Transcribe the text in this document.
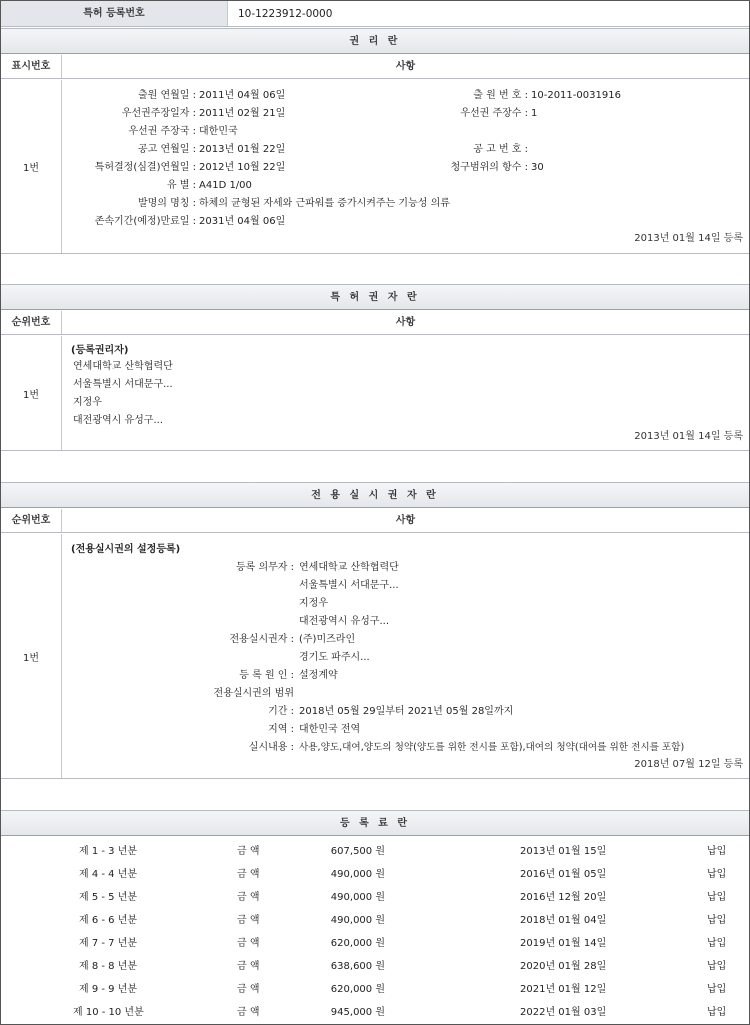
특허 등록번호	10-1223912-0000
권 리 란
표시번호	사항
1번
출원 연월일 : 2011년 04월 06일	출 원 번 호 : 10-2011-0031916
우선권주장일자 : 2011년 02월 21일	우선권 주장수 : 1
우선권 주장국 : 대한민국
공고 연월일 : 2013년 01월 22일	공 고 번 호 :
특허결정(심결)연월일 : 2012년 10월 22일	청구범위의 항수 : 30
유 별 : A41D 1/00
발명의 명칭 : 하체의 균형된 자세와 근파워를 증가시켜주는 기능성 의류
존속기간(예정)만료일 : 2031년 04월 06일
2013년 01월 14일 등록
특 허 권 자 란
순위번호	사항
1번
(등록권리자)
연세대학교 산학협력단
서울특별시 서대문구...
지정우
대전광역시 유성구...
2013년 01월 14일 등록
전 용 실 시 권 자 란
순위번호	사항
1번
(전용실시권의 설정등록)
등록 의무자 : 연세대학교 산학협력단
서울특별시 서대문구...
지정우
대전광역시 유성구...
전용실시권자 : (주)미즈라인
경기도 파주시...
등 록 원 인 : 설정계약
전용실시권의 범위
기간 : 2018년 05월 29일부터 2021년 05월 28일까지
지역 : 대한민국 전역
실시내용 : 사용,양도,대여,양도의 청약(양도를 위한 전시를 포함),대여의 청약(대여를 위한 전시를 포함)
2018년 07월 12일 등록
등 록 료 란
제 1 - 3 년분	금 액	607,500 원	2013년 01월 15일	납입
제 4 - 4 년분	금 액	490,000 원	2016년 01월 05일	납입
제 5 - 5 년분	금 액	490,000 원	2016년 12월 20일	납입
제 6 - 6 년분	금 액	490,000 원	2018년 01월 04일	납입
제 7 - 7 년분	금 액	620,000 원	2019년 01월 14일	납입
제 8 - 8 년분	금 액	638,600 원	2020년 01월 28일	납입
제 9 - 9 년분	금 액	620,000 원	2021년 01월 12일	납입
제 10 - 10 년분	금 액	945,000 원	2022년 01월 03일	납입
